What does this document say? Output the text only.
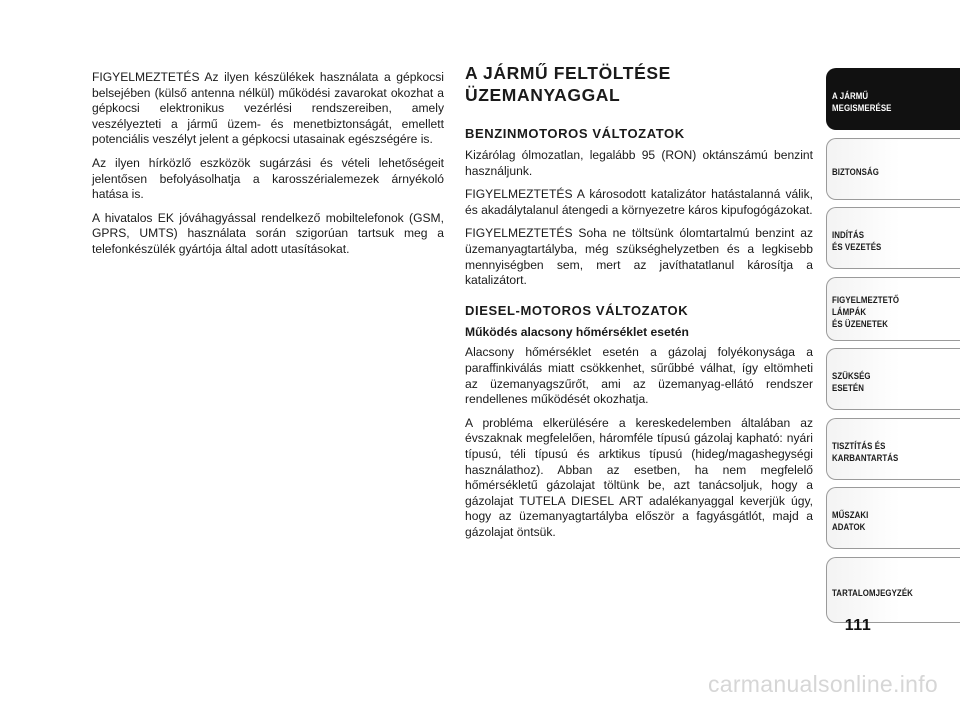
FIGYELMEZTETÉS Az ilyen készülékek használata a gépkocsi belsejében (külső antenna nélkül) működési zavarokat okozhat a gépkocsi elektronikus vezérlési rendszereiben, amely veszélyezteti a jármű üzem- és menetbiztonságát, emellett potenciális veszélyt jelent a gépkocsi utasainak egészségére is.

Az ilyen hírközlő eszközök sugárzási és vételi lehetőségeit jelentősen befolyásolhatja a karosszérialemezek árnyékoló hatása is.

A hivatalos EK jóváhagyással rendelkező mobiltelefonok (GSM, GPRS, UMTS) használata során szigorúan tartsuk meg a telefonkészülék gyártója által adott utasításokat.

A JÁRMŰ FELTÖLTÉSE
ÜZEMANYAGGAL
BENZINMOTOROS VÁLTOZATOK

Kizárólag ólmozatlan, legalább 95 (RON) oktánszámú benzint használjunk.

FIGYELMEZTETÉS A károsodott katalizátor hatástalanná válik, és akadálytalanul átengedi a környezetre káros kipufogógázokat.

FIGYELMEZTETÉS Soha ne töltsünk ólomtartalmú benzint az üzemanyagtartályba, még szükséghelyzetben és a legkisebb mennyiségben sem, mert az javíthatatlanul károsítja a katalizátort.

DIESEL-MOTOROS VÁLTOZATOK
Működés alacsony hőmérséklet esetén

Alacsony hőmérséklet esetén a gázolaj folyékonysága a paraffinkiválás miatt csökkenhet, sűrűbbé válhat, így eltömheti az üzemanyagszűrőt, ami az üzemanyag-ellátó rendszer rendellenes működését okozhatja.

A probléma elkerülésére a kereskedelemben általában az évszaknak megfelelően, háromféle típusú gázolaj kapható: nyári típusú, téli típusú és arktikus típusú (hideg/magashegységi használathoz). Abban az esetben, ha nem megfelelő hőmérsékletű gázolajat töltünk be, azt tanácsoljuk, hogy a gázolajat TUTELA DIESEL ART adalékanyaggal keverjük úgy, hogy az üzemanyagtartályba először a fagyásgátlót, majd a gázolajat öntsük.

A JÁRMŰ
MEGISMERÉSE
BIZTONSÁG
INDÍTÁS
ÉS VEZETÉS
FIGYELMEZTETŐ
LÁMPÁK
ÉS ÜZENETEK
SZÜKSÉG
ESETÉN
TISZTÍTÁS ÉS
KARBANTARTÁS
MŰSZAKI
ADATOK
TARTALOMJEGYZÉK
111
carmanualsonline.info
